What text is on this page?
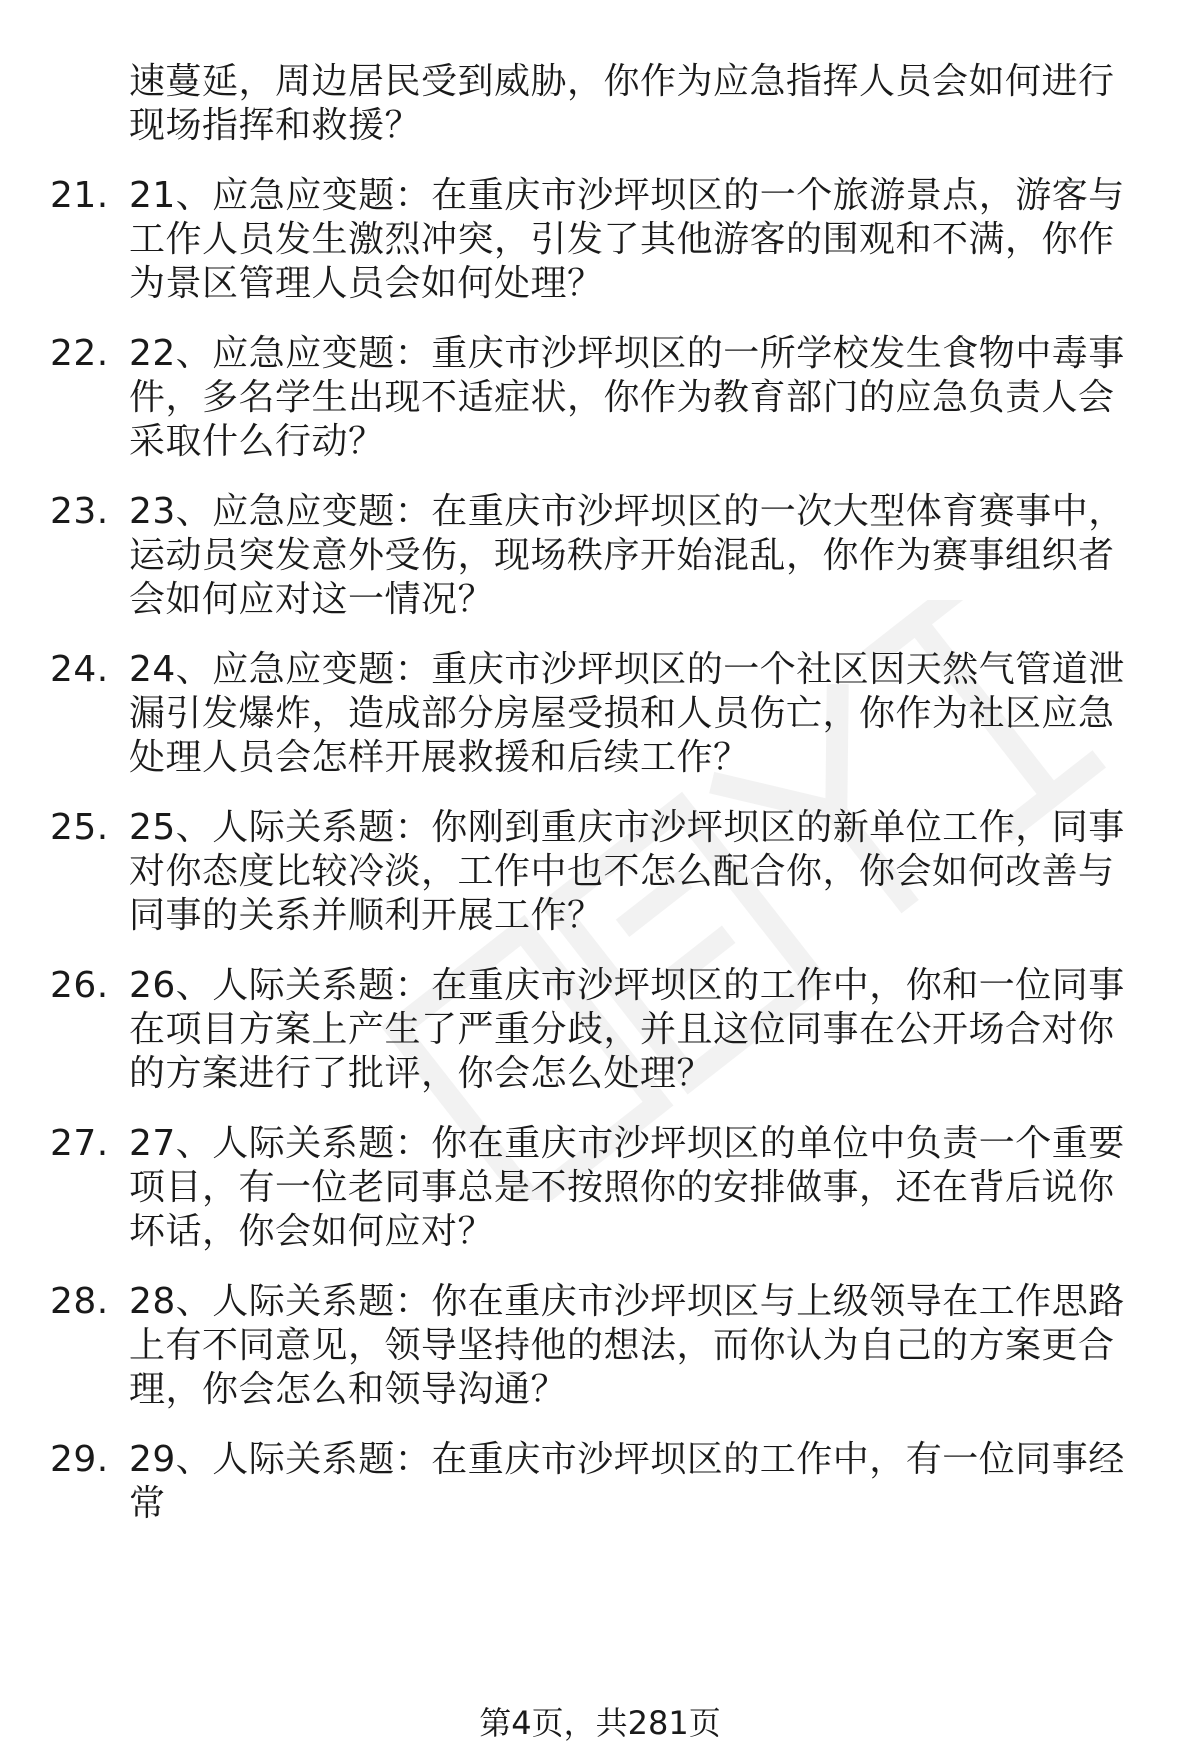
速蔓延，周边居民受到威胁，你作为应急指挥人员会如何进行现场指挥和救援？
21. 21、应急应变题：在重庆市沙坪坝区的一个旅游景点，游客与工作人员发生激烈冲突，引发了其他游客的围观和不满，你作为景区管理人员会如何处理？
22. 22、应急应变题：重庆市沙坪坝区的一所学校发生食物中毒事件，多名学生出现不适症状，你作为教育部门的应急负责人会采取什么行动？
23. 23、应急应变题：在重庆市沙坪坝区的一次大型体育赛事中，运动员突发意外受伤，现场秩序开始混乱，你作为赛事组织者会如何应对这一情况？
24. 24、应急应变题：重庆市沙坪坝区的一个社区因天然气管道泄漏引发爆炸，造成部分房屋受损和人员伤亡，你作为社区应急处理人员会怎样开展救援和后续工作？
25. 25、人际关系题：你刚到重庆市沙坪坝区的新单位工作，同事对你态度比较冷淡，工作中也不怎么配合你，你会如何改善与同事的关系并顺利开展工作？
26. 26、人际关系题：在重庆市沙坪坝区的工作中，你和一位同事在项目方案上产生了严重分歧，并且这位同事在公开场合对你的方案进行了批评，你会怎么处理？
27. 27、人际关系题：你在重庆市沙坪坝区的单位中负责一个重要项目，有一位老同事总是不按照你的安排做事，还在背后说你坏话，你会如何应对？
28. 28、人际关系题：你在重庆市沙坪坝区与上级领导在工作思路上有不同意见，领导坚持他的想法，而你认为自己的方案更合理，你会怎么和领导沟通？
29. 29、人际关系题：在重庆市沙坪坝区的工作中，有一位同事经常
第4页，共281页
